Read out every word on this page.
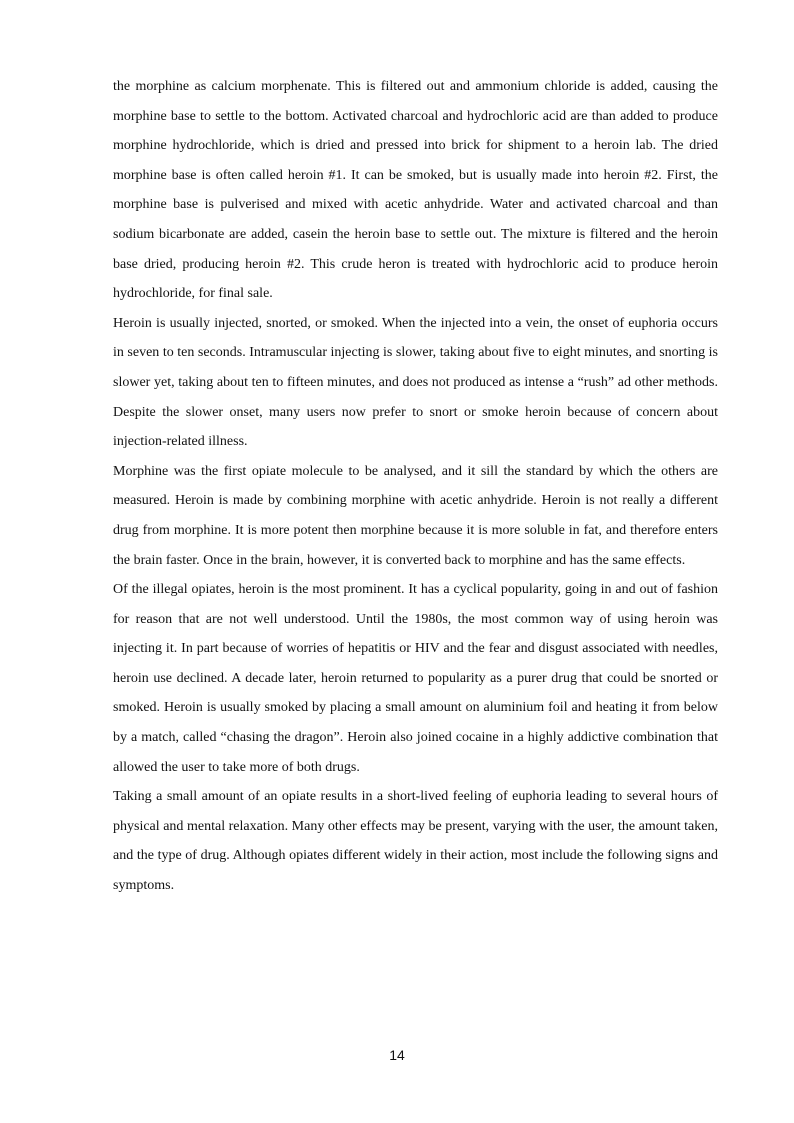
the morphine as calcium morphenate. This is filtered out and ammonium chloride is added, causing the morphine base to settle to the bottom. Activated charcoal and hydrochloric acid are than added to produce morphine hydrochloride, which is dried and pressed into brick for shipment to a heroin lab. The dried morphine base is often called heroin #1. It can be smoked, but is usually made into heroin #2. First, the morphine base is pulverised and mixed with acetic anhydride. Water and activated charcoal and than sodium bicarbonate are added, casein the heroin base to settle out. The mixture is filtered and the heroin base dried, producing heroin #2. This crude heron is treated with hydrochloric acid to produce heroin hydrochloride, for final sale.

Heroin is usually injected, snorted, or smoked. When the injected into a vein, the onset of euphoria occurs in seven to ten seconds. Intramuscular injecting is slower, taking about five to eight minutes, and snorting is slower yet, taking about ten to fifteen minutes, and does not produced as intense a “rush” ad other methods. Despite the slower onset, many users now prefer to snort or smoke heroin because of concern about injection-related illness.

Morphine was the first opiate molecule to be analysed, and it sill the standard by which the others are measured. Heroin is made by combining morphine with acetic anhydride. Heroin is not really a different drug from morphine. It is more potent then morphine because it is more soluble in fat, and therefore enters the brain faster. Once in the brain, however, it is converted back to morphine and has the same effects.

Of the illegal opiates, heroin is the most prominent. It has a cyclical popularity, going in and out of fashion for reason that are not well understood. Until the 1980s, the most common way of using heroin was injecting it. In part because of worries of hepatitis or HIV and the fear and disgust associated with needles, heroin use declined. A decade later, heroin returned to popularity as a purer drug that could be snorted or smoked. Heroin is usually smoked by placing a small amount on aluminium foil and heating it from below by a match, called “chasing the dragon”. Heroin also joined cocaine in a highly addictive combination that allowed the user to take more of both drugs.

Taking a small amount of an opiate results in a short-lived feeling of euphoria leading to several hours of physical and mental relaxation. Many other effects may be present, varying with the user, the amount taken, and the type of drug. Although opiates different widely in their action, most include the following signs and symptoms.

14
